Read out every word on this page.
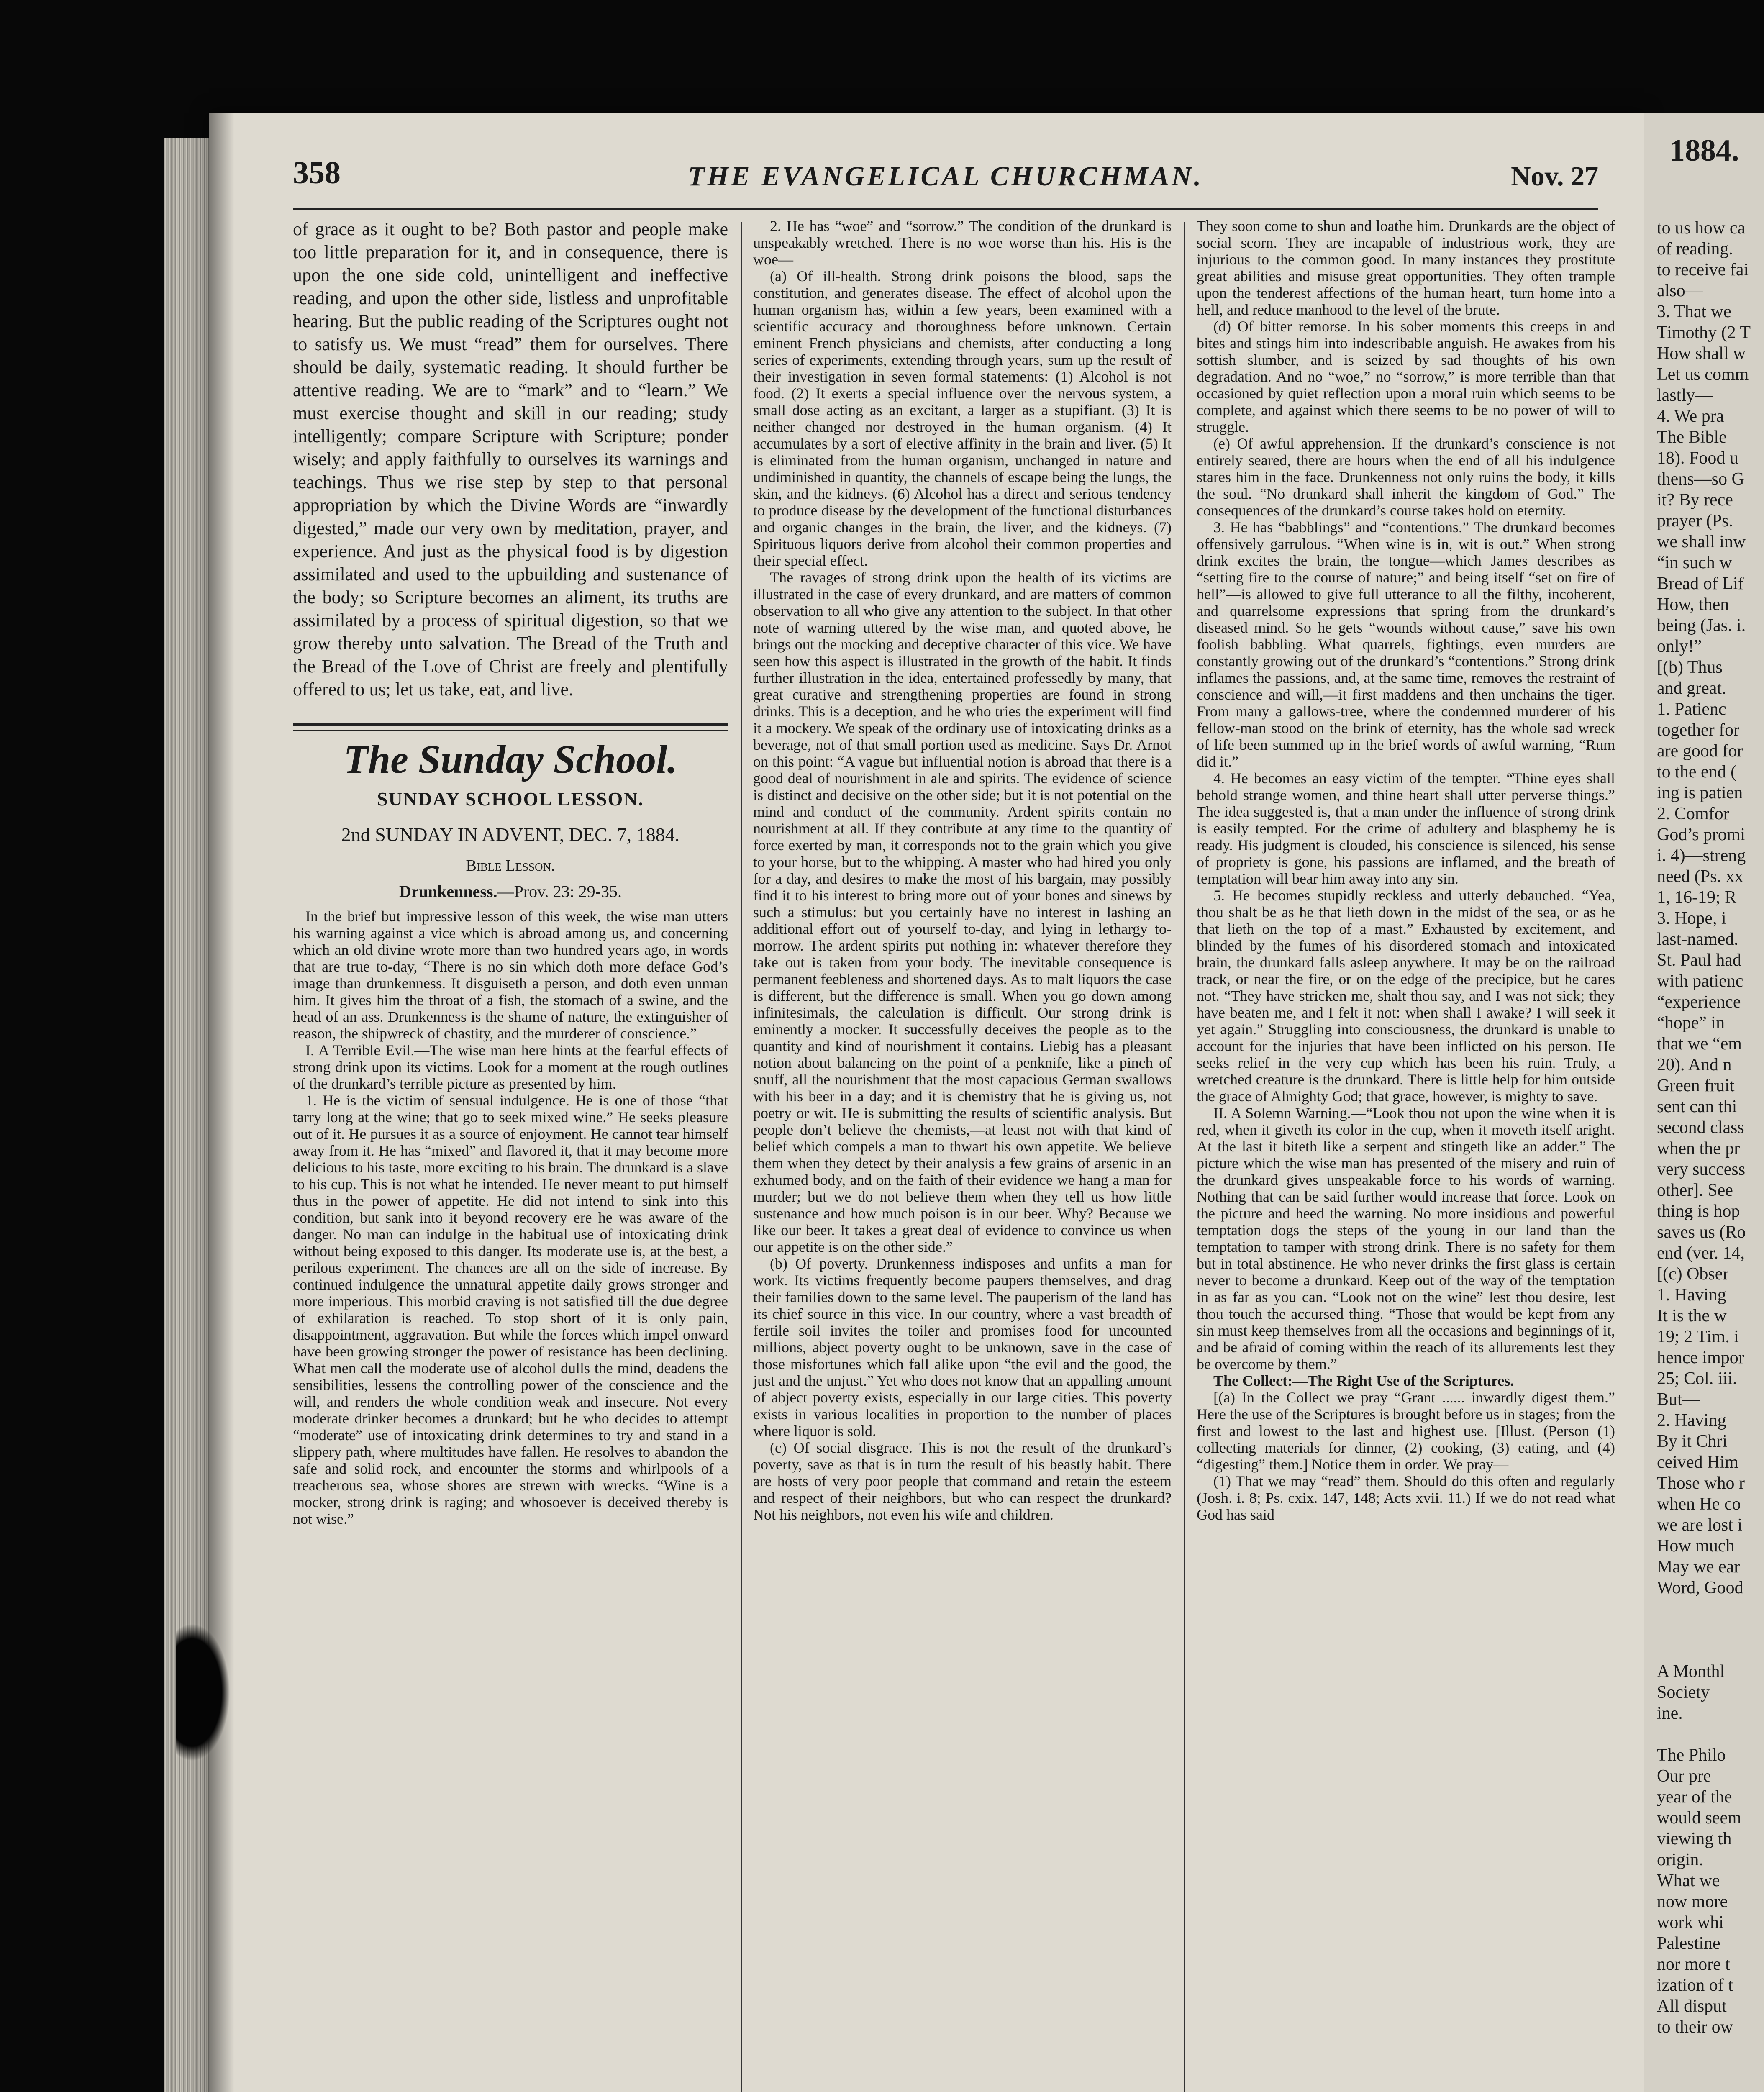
358	THE EVANGELICAL CHURCHMAN.	Nov. 27

of grace as it ought to be? Both pastor and people make too little preparation for it, and in consequence, there is upon the one side cold, unintelligent and ineffective reading, and upon the other side, listless and unprofitable hearing. But the public reading of the Scriptures ought not to satisfy us. We must “read” them for ourselves. There should be daily, systematic reading. It should further be attentive reading. We are to “mark” and to “learn.” We must exercise thought and skill in our reading; study intelligently; compare Scripture with Scripture; ponder wisely; and apply faithfully to ourselves its warnings and teachings. Thus we rise step by step to that personal appropriation by which the Divine Words are “inwardly digested,” made our very own by meditation, prayer, and experience. And just as the physical food is by digestion assimilated and used to the upbuilding and sustenance of the body; so Scripture becomes an aliment, its truths are assimilated by a process of spiritual digestion, so that we grow thereby unto salvation. The Bread of the Truth and the Bread of the Love of Christ are freely and plentifully offered to us; let us take, eat, and live.

The Sunday School.
SUNDAY SCHOOL LESSON.
2nd SUNDAY IN ADVENT, DEC. 7, 1884.
Bible Lesson.
Drunkenness.—Prov. 23: 29-35.

In the brief but impressive lesson of this week, the wise man utters his warning against a vice which is abroad among us, and concerning which an old divine wrote more than two hundred years ago, in words that are true to-day, “There is no sin which doth more deface God’s image than drunkenness. It disguiseth a person, and doth even unman him. It gives him the throat of a fish, the stomach of a swine, and the head of an ass. Drunkenness is the shame of nature, the extinguisher of reason, the shipwreck of chastity, and the murderer of conscience.”

I. A Terrible Evil.—The wise man here hints at the fearful effects of strong drink upon its victims. Look for a moment at the rough outlines of the drunkard’s terrible picture as presented by him.

1. He is the victim of sensual indulgence. He is one of those “that tarry long at the wine; that go to seek mixed wine.” He seeks pleasure out of it. He pursues it as a source of enjoyment. He cannot tear himself away from it. He has “mixed” and flavored it, that it may become more delicious to his taste, more exciting to his brain. The drunkard is a slave to his cup. This is not what he intended. He never meant to put himself thus in the power of appetite. He did not intend to sink into this condition, but sank into it beyond recovery ere he was aware of the danger. No man can indulge in the habitual use of intoxicating drink without being exposed to this danger. Its moderate use is, at the best, a perilous experiment. The chances are all on the side of increase. By continued indulgence the unnatural appetite daily grows stronger and more imperious. This morbid craving is not satisfied till the due degree of exhilaration is reached. To stop short of it is only pain, disappointment, aggravation. But while the forces which impel onward have been growing stronger the power of resistance has been declining. What men call the moderate use of alcohol dulls the mind, deadens the sensibilities, lessens the controlling power of the conscience and the will, and renders the whole condition weak and insecure. Not every moderate drinker becomes a drunkard; but he who decides to attempt “moderate” use of intoxicating drink determines to try and stand in a slippery path, where multitudes have fallen. He resolves to abandon the safe and solid rock, and encounter the storms and whirlpools of a treacherous sea, whose shores are strewn with wrecks. “Wine is a mocker, strong drink is raging; and whosoever is deceived thereby is not wise.”

2. He has “woe” and “sorrow.” The condition of the drunkard is unspeakably wretched. There is no woe worse than his. His is the woe—

(a) Of ill-health. Strong drink poisons the blood, saps the constitution, and generates disease. The effect of alcohol upon the human organism has, within a few years, been examined with a scientific accuracy and thoroughness before unknown. Certain eminent French physicians and chemists, after conducting a long series of experiments, extending through years, sum up the result of their investigation in seven formal statements: (1) Alcohol is not food. (2) It exerts a special influence over the nervous system, a small dose acting as an excitant, a larger as a stupifiant. (3) It is neither changed nor destroyed in the human organism. (4) It accumulates by a sort of elective affinity in the brain and liver. (5) It is eliminated from the human organism, unchanged in nature and undiminished in quantity, the channels of escape being the lungs, the skin, and the kidneys. (6) Alcohol has a direct and serious tendency to produce disease by the development of the functional disturbances and organic changes in the brain, the liver, and the kidneys. (7) Spirituous liquors derive from alcohol their common properties and their special effect.

The ravages of strong drink upon the health of its victims are illustrated in the case of every drunkard, and are matters of common observation to all who give any attention to the subject. In that other note of warning uttered by the wise man, and quoted above, he brings out the mocking and deceptive character of this vice. We have seen how this aspect is illustrated in the growth of the habit. It finds further illustration in the idea, entertained professedly by many, that great curative and strengthening properties are found in strong drinks. This is a deception, and he who tries the experiment will find it a mockery. We speak of the ordinary use of intoxicating drinks as a beverage, not of that small portion used as medicine. Says Dr. Arnot on this point: “A vague but influential notion is abroad that there is a good deal of nourishment in ale and spirits. The evidence of science is distinct and decisive on the other side; but it is not potential on the mind and conduct of the community. Ardent spirits contain no nourishment at all. If they contribute at any time to the quantity of force exerted by man, it corresponds not to the grain which you give to your horse, but to the whipping. A master who had hired you only for a day, and desires to make the most of his bargain, may possibly find it to his interest to bring more out of your bones and sinews by such a stimulus: but you certainly have no interest in lashing an additional effort out of yourself to-day, and lying in lethargy to-morrow. The ardent spirits put nothing in: whatever therefore they take out is taken from your body. The inevitable consequence is permanent feebleness and shortened days. As to malt liquors the case is different, but the difference is small. When you go down among infinitesimals, the calculation is difficult. Our strong drink is eminently a mocker. It successfully deceives the people as to the quantity and kind of nourishment it contains. Liebig has a pleasant notion about balancing on the point of a penknife, like a pinch of snuff, all the nourishment that the most capacious German swallows with his beer in a day; and it is chemistry that he is giving us, not poetry or wit. He is submitting the results of scientific analysis. But people don’t believe the chemists,—at least not with that kind of belief which compels a man to thwart his own appetite. We believe them when they detect by their analysis a few grains of arsenic in an exhumed body, and on the faith of their evidence we hang a man for murder; but we do not believe them when they tell us how little sustenance and how much poison is in our beer. Why? Because we like our beer. It takes a great deal of evidence to convince us when our appetite is on the other side.”

(b) Of poverty. Drunkenness indisposes and unfits a man for work. Its victims frequently become paupers themselves, and drag their families down to the same level. The pauperism of the land has its chief source in this vice. In our country, where a vast breadth of fertile soil invites the toiler and promises food for uncounted millions, abject poverty ought to be unknown, save in the case of those misfortunes which fall alike upon “the evil and the good, the just and the unjust.” Yet who does not know that an appalling amount of abject poverty exists, especially in our large cities. This poverty exists in various localities in proportion to the number of places where liquor is sold.

(c) Of social disgrace. This is not the result of the drunkard’s poverty, save as that is in turn the result of his beastly habit. There are hosts of very poor people that command and retain the esteem and respect of their neighbors, but who can respect the drunkard? Not his neighbors, not even his wife and children.

They soon come to shun and loathe him. Drunkards are the object of social scorn. They are incapable of industrious work, they are injurious to the common good. In many instances they prostitute great abilities and misuse great opportunities. They often trample upon the tenderest affections of the human heart, turn home into a hell, and reduce manhood to the level of the brute.

(d) Of bitter remorse. In his sober moments this creeps in and bites and stings him into indescribable anguish. He awakes from his sottish slumber, and is seized by sad thoughts of his own degradation. And no “woe,” no “sorrow,” is more terrible than that occasioned by quiet reflection upon a moral ruin which seems to be complete, and against which there seems to be no power of will to struggle.

(e) Of awful apprehension. If the drunkard’s conscience is not entirely seared, there are hours when the end of all his indulgence stares him in the face. Drunkenness not only ruins the body, it kills the soul. “No drunkard shall inherit the kingdom of God.” The consequences of the drunkard’s course takes hold on eternity.

3. He has “babblings” and “contentions.” The drunkard becomes offensively garrulous. “When wine is in, wit is out.” When strong drink excites the brain, the tongue—which James describes as “setting fire to the course of nature;” and being itself “set on fire of hell”—is allowed to give full utterance to all the filthy, incoherent, and quarrelsome expressions that spring from the drunkard’s diseased mind. So he gets “wounds without cause,” save his own foolish babbling. What quarrels, fightings, even murders are constantly growing out of the drunkard’s “contentions.” Strong drink inflames the passions, and, at the same time, removes the restraint of conscience and will,—it first maddens and then unchains the tiger. From many a gallows-tree, where the condemned murderer of his fellow-man stood on the brink of eternity, has the whole sad wreck of life been summed up in the brief words of awful warning, “Rum did it.”

4. He becomes an easy victim of the tempter. “Thine eyes shall behold strange women, and thine heart shall utter perverse things.” The idea suggested is, that a man under the influence of strong drink is easily tempted. For the crime of adultery and blasphemy he is ready. His judgment is clouded, his conscience is silenced, his sense of propriety is gone, his passions are inflamed, and the breath of temptation will bear him away into any sin.

5. He becomes stupidly reckless and utterly debauched. “Yea, thou shalt be as he that lieth down in the midst of the sea, or as he that lieth on the top of a mast.” Exhausted by excitement, and blinded by the fumes of his disordered stomach and intoxicated brain, the drunkard falls asleep anywhere. It may be on the railroad track, or near the fire, or on the edge of the precipice, but he cares not. “They have stricken me, shalt thou say, and I was not sick; they have beaten me, and I felt it not: when shall I awake? I will seek it yet again.” Struggling into consciousness, the drunkard is unable to account for the injuries that have been inflicted on his person. He seeks relief in the very cup which has been his ruin. Truly, a wretched creature is the drunkard. There is little help for him outside the grace of Almighty God; that grace, however, is mighty to save.

II. A Solemn Warning.—“Look thou not upon the wine when it is red, when it giveth its color in the cup, when it moveth itself aright. At the last it biteth like a serpent and stingeth like an adder.” The picture which the wise man has presented of the misery and ruin of the drunkard gives unspeakable force to his words of warning. Nothing that can be said further would increase that force. Look on the picture and heed the warning. No more insidious and powerful temptation dogs the steps of the young in our land than the temptation to tamper with strong drink. There is no safety for them but in total abstinence. He who never drinks the first glass is certain never to become a drunkard. Keep out of the way of the temptation in as far as you can. “Look not on the wine” lest thou desire, lest thou touch the accursed thing. “Those that would be kept from any sin must keep themselves from all the occasions and beginnings of it, and be afraid of coming within the reach of its allurements lest they be overcome by them.”

The Collect:—The Right Use of the Scriptures.

[(a) In the Collect we pray “Grant ...... inwardly digest them.” Here the use of the Scriptures is brought before us in stages; from the first and lowest to the last and highest use. [Illust. (Person (1) collecting materials for dinner, (2) cooking, (3) eating, and (4) “digesting” them.] Notice them in order. We pray—

(1) That we may “read” them. Should do this often and regularly (Josh. i. 8; Ps. cxix. 147, 148; Acts xvii. 11.) If we do not read what God has said

1884.
to us how ca
of reading.
to receive fai
also—
3. That we
Timothy (2 T
How shall w
Let us comm
lastly—
4. We pra
The Bible
18). Food u
thens—so G
it? By rece
prayer (Ps.
we shall inw
“in such w
Bread of Lif
How, then
being (Jas. i.
only!”
[(b) Thus
and great.
1. Patienc
together for
are good for
to the end (
ing is patien
2. Comfor
God’s promi
i. 4)—streng
need (Ps. xx
1, 16-19; R
3. Hope, i
last-named.
St. Paul had
with patienc
“experience
“hope” in
that we “em
20). And n
Green fruit
sent can thi
second class
when the pr
very success
other]. See
thing is hop
saves us (Ro
end (ver. 14,
[(c) Obser
1. Having
It is the w
19; 2 Tim. i
hence impor
25; Col. iii.
But—
2. Having
By it Chri
ceived Him
Those who r
when He co
we are lost i
How much
May we ear
Word, Good

A Monthl
Society
ine.

The Philo
Our pre
year of the
would seem
viewing th
origin.
What we
now more
work whi
Palestine
nor more t
ization of t
All disput
to their ow
